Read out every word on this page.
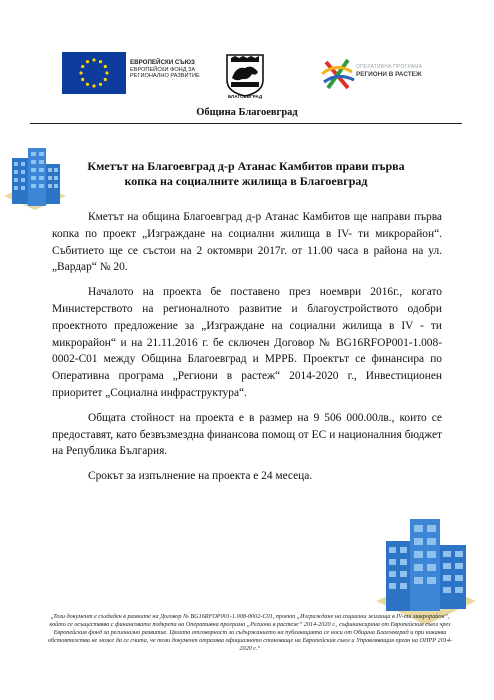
ЕВРОПЕЙСКИ СЪЮЗ
ЕВРОПЕЙСКИ ФОНД ЗА
РЕГИОНАЛНО РАЗВИТИЕ
БЛАГОЕВГРАД
ОПЕРАТИВНА ПРОГРАМА
РЕГИОНИ В РАСТЕЖ
Община Благоевград
Кметът на Благоевград д-р Атанас Камбитов прави първа копка на социалните жилища в Благоевград

Кметът на община Благоевград д-р Атанас Камбитов ще направи първа копка по проект „Изграждане на социални жилища в IV- ти микрорайон“. Събитието ще се състои на 2 октомври 2017г. от 11.00 часа в района на ул. „Вардар“ № 20.

Началото на проекта бе поставено през ноември 2016г., когато Министерството на регионалното развитие и благоустройството одобри проектното предложение за „Изграждане на социални жилища в IV - ти микрорайон“ и на 21.11.2016 г. бе сключен Договор № BG16RFOP001-1.008-0002-C01 между Община Благоевград и МРРБ. Проектът се финансира по Оперативна програма „Региони в растеж“ 2014-2020 г., Инвестиционен приоритет „Социална инфраструктура“.

Общата стойност на проекта е в размер на 9 506 000.00лв., които се предоставят, като безвъзмездна финансова помощ от ЕС и националния бюджет на Република България.

Срокът за изпълнение на проекта е 24 месеца.

„Този документ е създаден в рамките на Договор № BG16RFOP001-1.008-0002-C01, проект „Изграждане на социални жилища в IV-ти микрорайон“, който се осъществява с финансовата подкрепа на Оперативна програма „Региони в растеж“ 2014-2020 г., съфинансирана от Европейския съюз чрез Европейския фонд за регионално развитие. Цялата отговорност за съдържанието на публикацията се носи от Община Благоевград и при никакви обстоятелства не може да се счита, че този документ отразява официалното становище на Европейския съюз и Управляващия орган на ОПРР 2014-2020 г.“
